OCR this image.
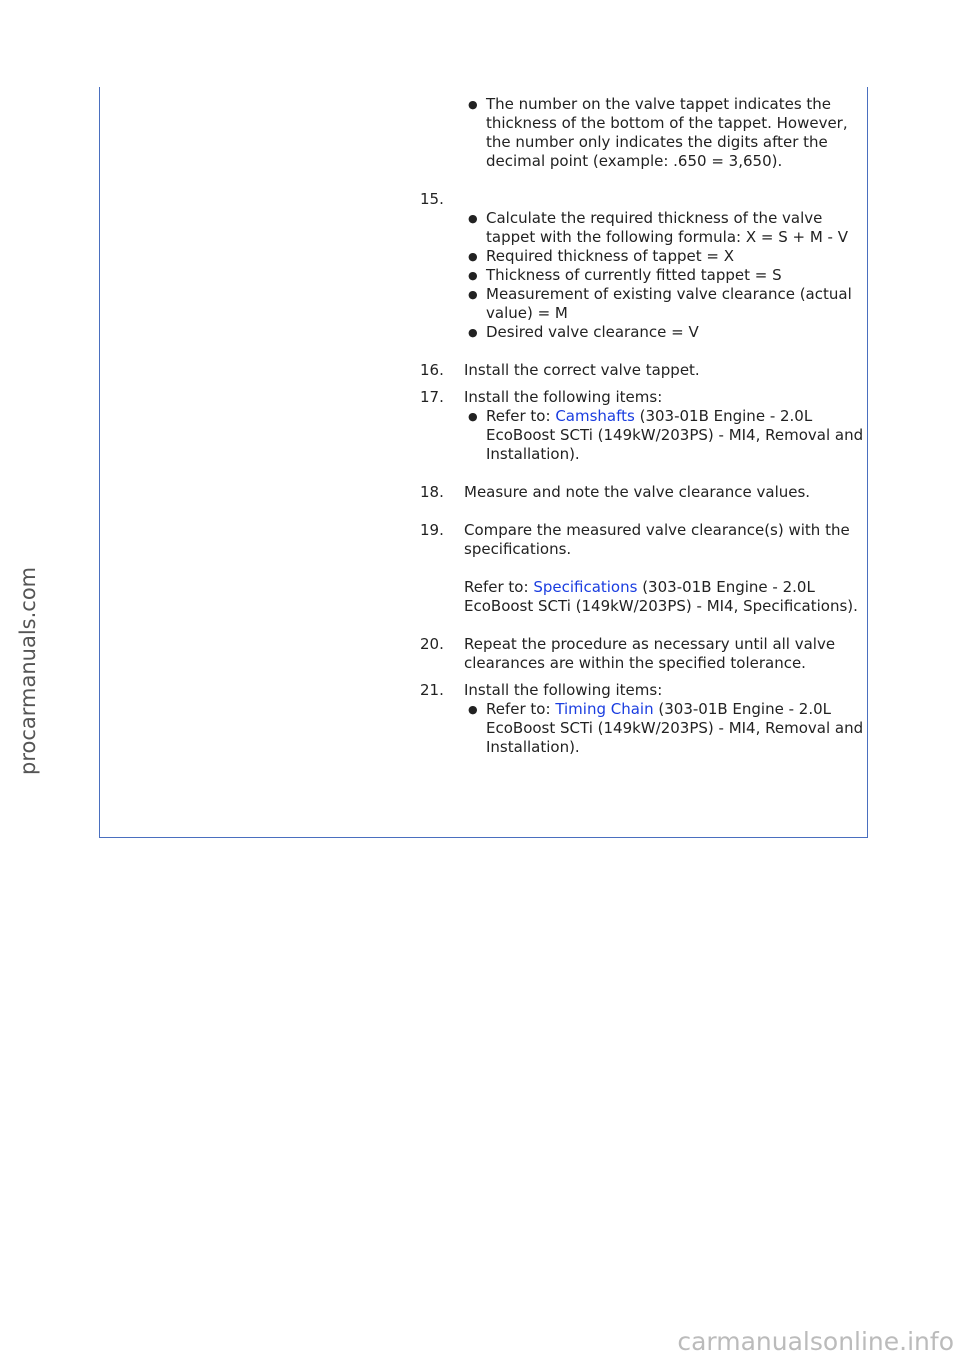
● The number on the valve tappet indicates the thickness of the bottom of the tappet. However, the number only indicates the digits after the decimal point (example: .650 = 3,650).
15.
● Calculate the required thickness of the valve tappet with the following formula: X = S + M - V
● Required thickness of tappet = X
● Thickness of currently fitted tappet = S
● Measurement of existing valve clearance (actual value) = M
● Desired valve clearance = V
16. Install the correct valve tappet.
17. Install the following items:
● Refer to: Camshafts (303-01B Engine - 2.0L EcoBoost SCTi (149kW/203PS) - MI4, Removal and Installation).
18. Measure and note the valve clearance values.
19. Compare the measured valve clearance(s) with the specifications.
Refer to: Specifications (303-01B Engine - 2.0L EcoBoost SCTi (149kW/203PS) - MI4, Specifications).
20. Repeat the procedure as necessary until all valve clearances are within the specified tolerance.
21. Install the following items:
● Refer to: Timing Chain (303-01B Engine - 2.0L EcoBoost SCTi (149kW/203PS) - MI4, Removal and Installation).
procarmanuals.com
carmanualsonline.info
